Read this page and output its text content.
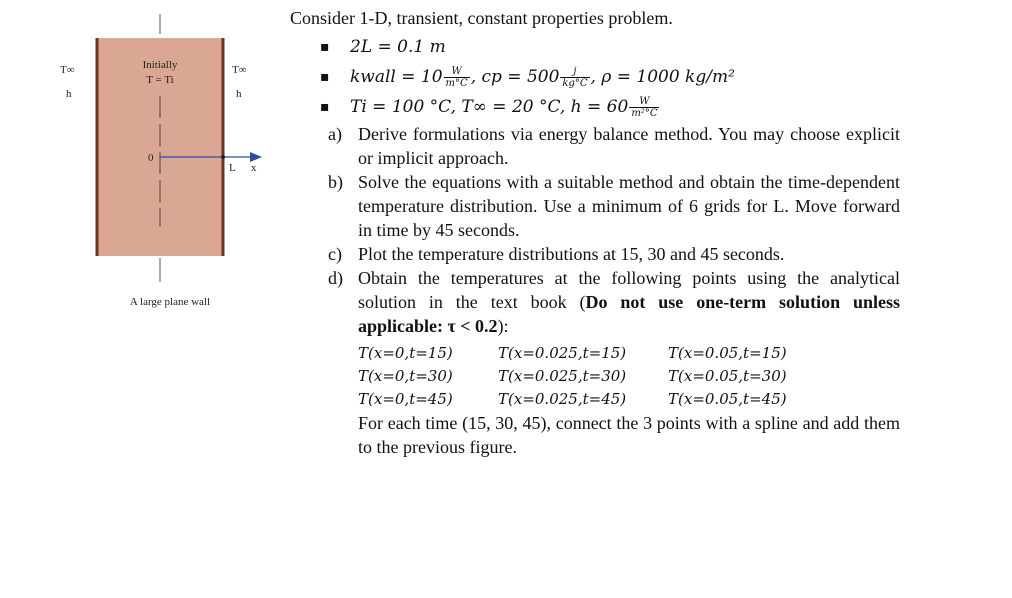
T∞
h
T∞
h
Initially
T = Ti
0
L x
A large plane wall

Consider 1-D, transient, constant properties problem.

▪ 2L = 0.1 m
▪ kwall = $10 \frac{W}{m^\circ C}$ , cp = $500 \frac{j}{kg^\circ C}$ , ρ = 1000 kg/m²
▪ Ti = 100 °C, T∞ = 20 °C, $h = 60 \frac{W}{\text{m²°C}}$
a) Derive formulations via energy balance method. You may choose explicit or implicit approach.
b) Solve the equations with a suitable method and obtain the time-dependent temperature distribution. Use a minimum of 6 grids for L. Move forward in time by 45 seconds.
c) Plot the temperature distributions at 15, 30 and 45 seconds.
d) Obtain the temperatures at the following points using the analytical solution in the text book (Do not use one-term solution unless applicable: τ < 0.2):
T(x=0,t=15)	T(x=0.025,t=15)	T(x=0.05,t=15)
T(x=0,t=30)	T(x=0.025,t=30)	T(x=0.05,t=30)
T(x=0,t=45)	T(x=0.025,t=45)	T(x=0.05,t=45)
For each time (15, 30, 45), connect the 3 points with a spline and add them to the previous figure.
